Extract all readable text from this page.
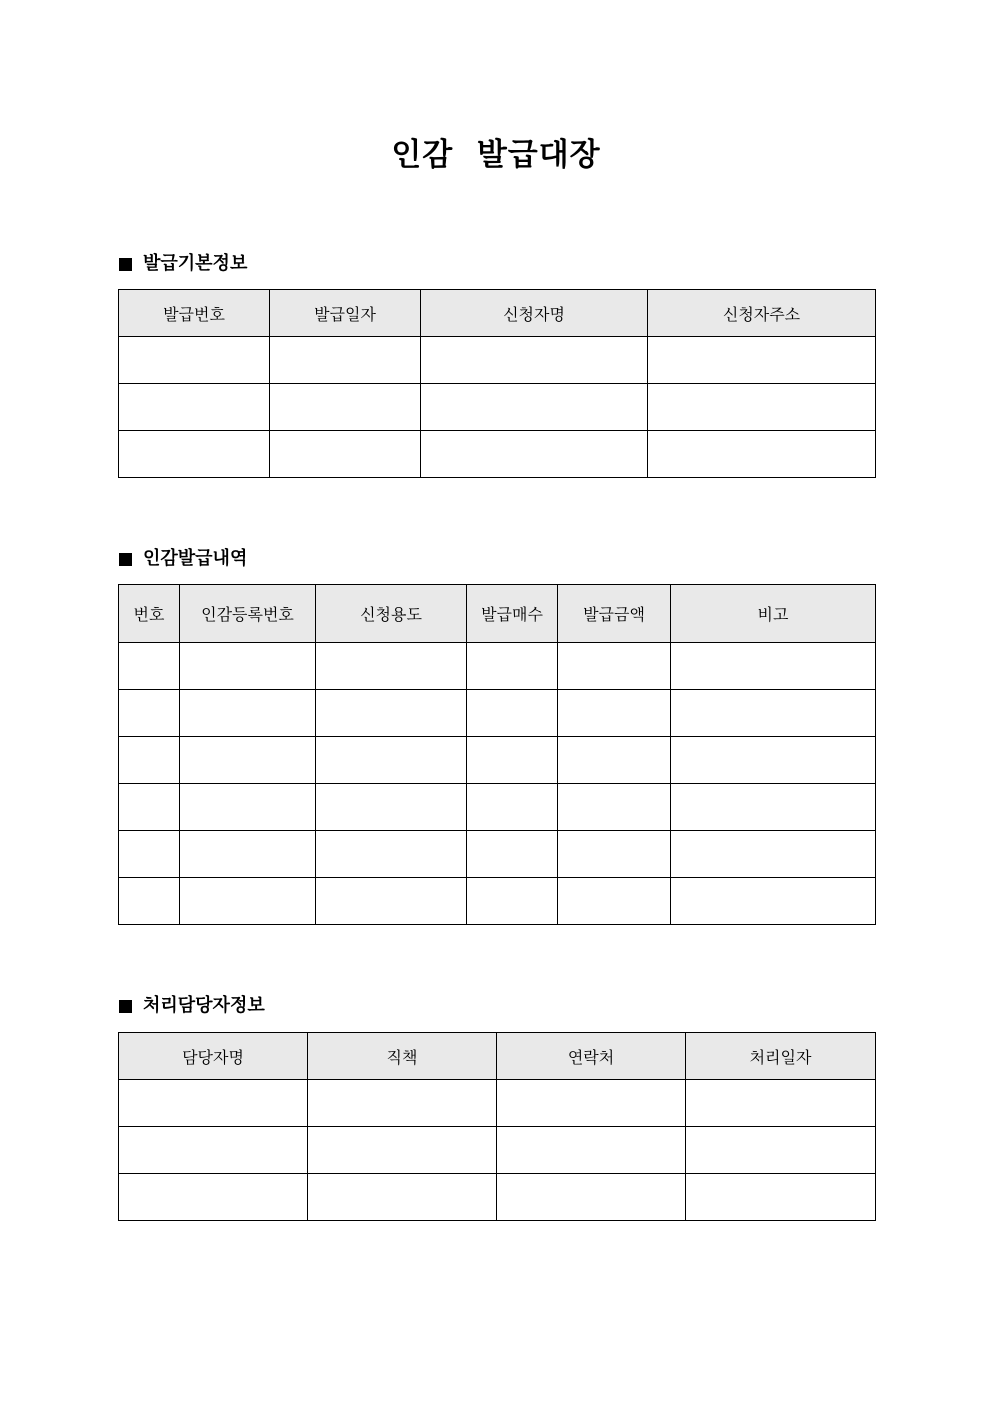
인감  발급대장
발급기본정보
발급번호	발급일자	신청자명	신청자주소

인감발급내역
번호	인감등록번호	신청용도	발급매수	발급금액	비고

처리담당자정보
담당자명	직책	연락처	처리일자
